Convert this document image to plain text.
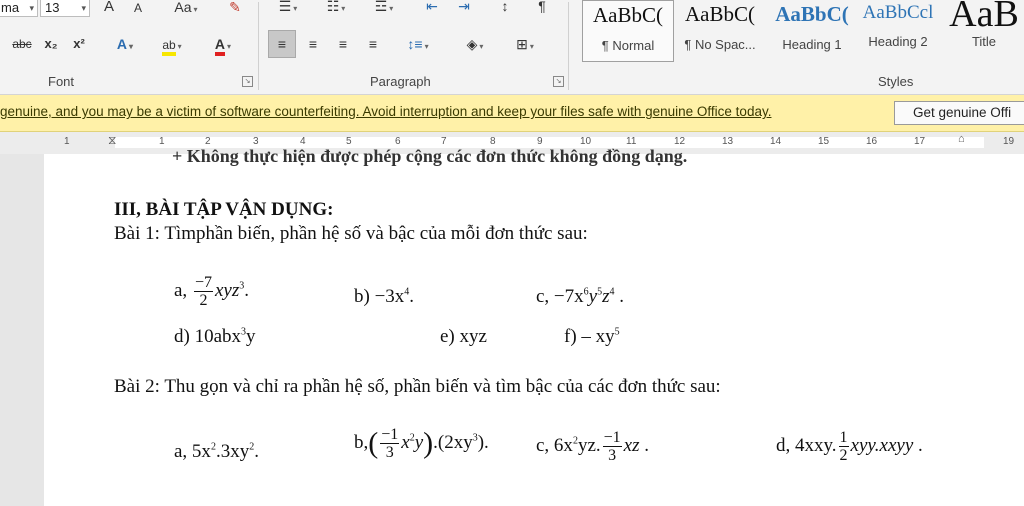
ma ▾ 13 ▾ A	A	Aa ▾	✎
abc x₂	x²	A ▾	ab ▾	A ▾
Font	↘
☰ ▾	☷ ▾	☲ ▾	⇤	⇥	↕	¶
≡	≡	≡	≡	↕≡ ▾	◈ ▾	⊞ ▾
Paragraph	↘
AaBbC(
¶ Normal
AaBbC(
¶ No Spac...
AaBbC(
Heading 1
AaBbCcl
Heading 2
AaB
Title
Styles
genuine, and you may be a victim of software counterfeiting. Avoid interruption and keep your files safe with genuine Office today.	Get genuine Offi
1	⧖	1	2	3	4	5	6	7	8	9	10	11	12	13	14	15	16	17	⌂	19
+ Không thực hiện được phép cộng các đơn thức không đồng dạng.
III, BÀI TẬP VẬN DỤNG:
Bài 1: Tìmphần biến, phần hệ số và bậc của mỗi đơn thức sau:
a, $\frac{-7}{2} xyz^3$.	$b) -3x^4$.	c, $-7x^6y^5z^4$ .
d) 10abx$^3$y	e) xyz	$f) - xy^5$
Bài 2: Thu gọn và chỉ ra phần hệ số, phần biến và tìm bậc của các đơn thức sau:
a, $5x^2.3xy^2$.	$b,( \frac{-1}{3} x^2y).(2xy^3)$. c, $6x^2yz$. $\frac{-1}{3}$ xz .	d, 4xxy. $\frac{1}{2}$ xyy.xxyy .
